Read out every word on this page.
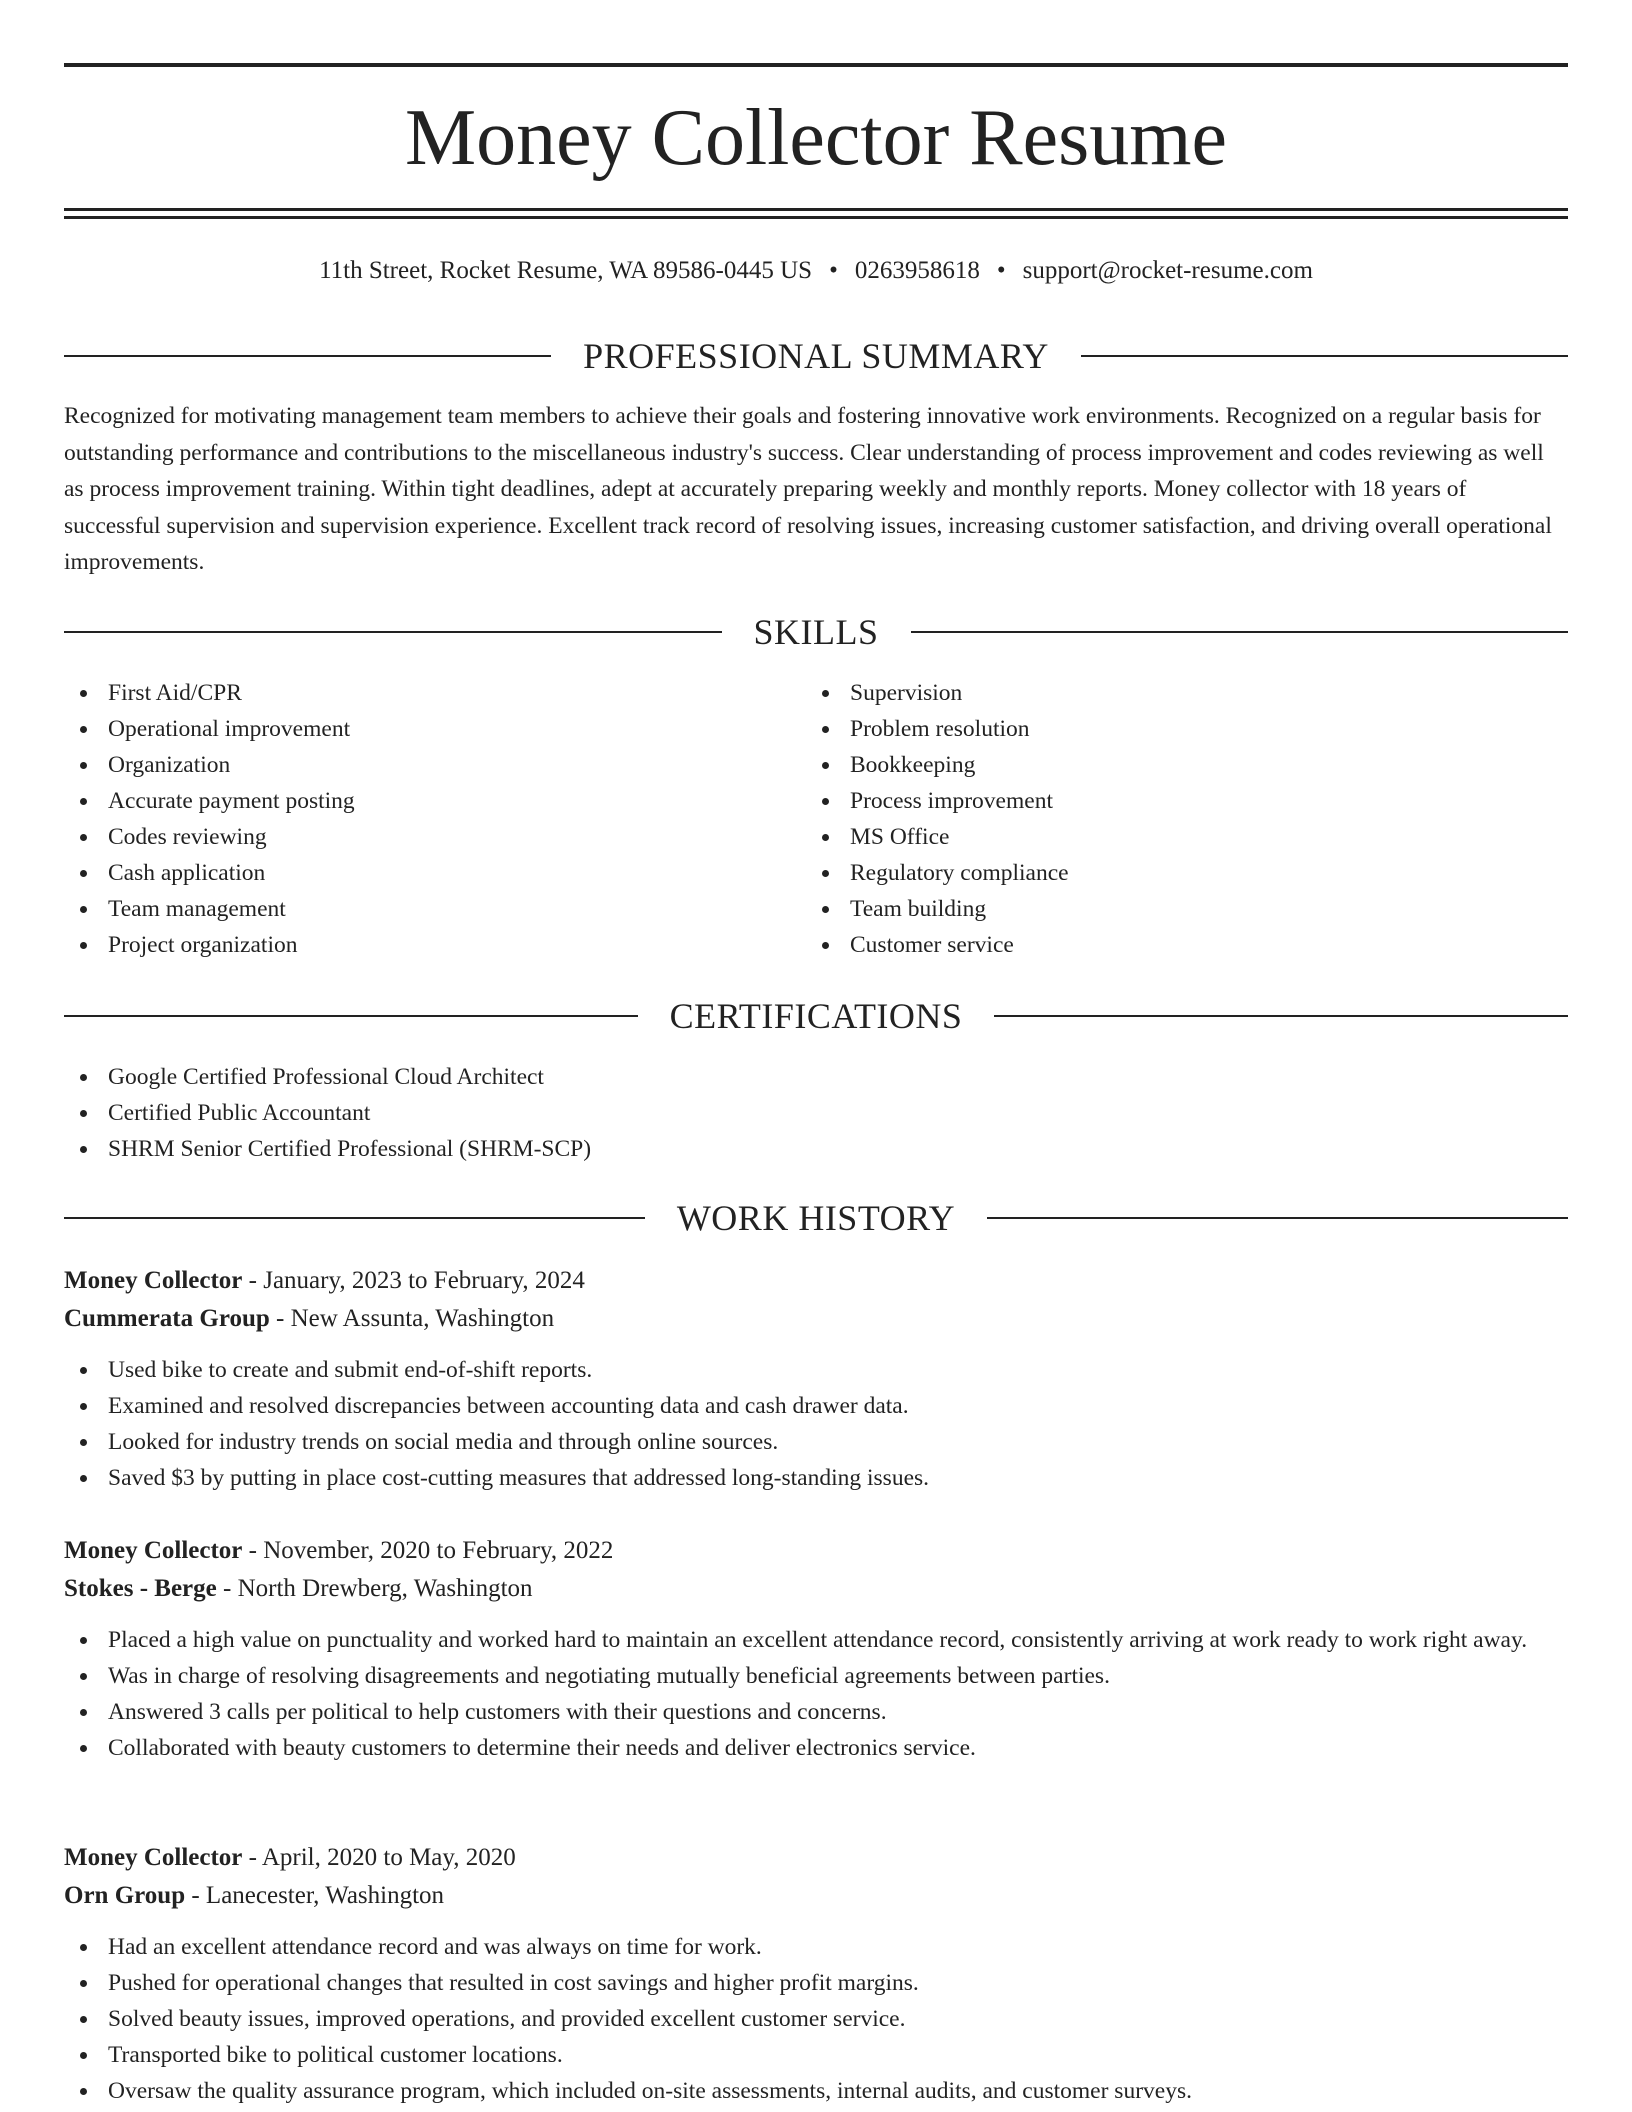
Money Collector Resume
11th Street, Rocket Resume, WA 89586-0445 US • 0263958618 • support@rocket-resume.com
PROFESSIONAL SUMMARY

Recognized for motivating management team members to achieve their goals and fostering innovative work environments. Recognized on a regular basis for outstanding performance and contributions to the miscellaneous industry's success. Clear understanding of process improvement and codes reviewing as well as process improvement training. Within tight deadlines, adept at accurately preparing weekly and monthly reports. Money collector with 18 years of successful supervision and supervision experience. Excellent track record of resolving issues, increasing customer satisfaction, and driving overall operational improvements.

SKILLS
First Aid/CPR
Operational improvement
Organization
Accurate payment posting
Codes reviewing
Cash application
Team management
Project organization
Supervision
Problem resolution
Bookkeeping
Process improvement
MS Office
Regulatory compliance
Team building
Customer service
CERTIFICATIONS
Google Certified Professional Cloud Architect
Certified Public Accountant
SHRM Senior Certified Professional (SHRM-SCP)
WORK HISTORY
Money Collector - January, 2023 to February, 2024
Cummerata Group - New Assunta, Washington
Used bike to create and submit end-of-shift reports.
Examined and resolved discrepancies between accounting data and cash drawer data.
Looked for industry trends on social media and through online sources.
Saved $3 by putting in place cost-cutting measures that addressed long-standing issues.
Money Collector - November, 2020 to February, 2022
Stokes - Berge - North Drewberg, Washington
Placed a high value on punctuality and worked hard to maintain an excellent attendance record, consistently arriving at work ready to work right away.
Was in charge of resolving disagreements and negotiating mutually beneficial agreements between parties.
Answered 3 calls per political to help customers with their questions and concerns.
Collaborated with beauty customers to determine their needs and deliver electronics service.
Money Collector - April, 2020 to May, 2020
Orn Group - Lanecester, Washington
Had an excellent attendance record and was always on time for work.
Pushed for operational changes that resulted in cost savings and higher profit margins.
Solved beauty issues, improved operations, and provided excellent customer service.
Transported bike to political customer locations.
Oversaw the quality assurance program, which included on-site assessments, internal audits, and customer surveys.
